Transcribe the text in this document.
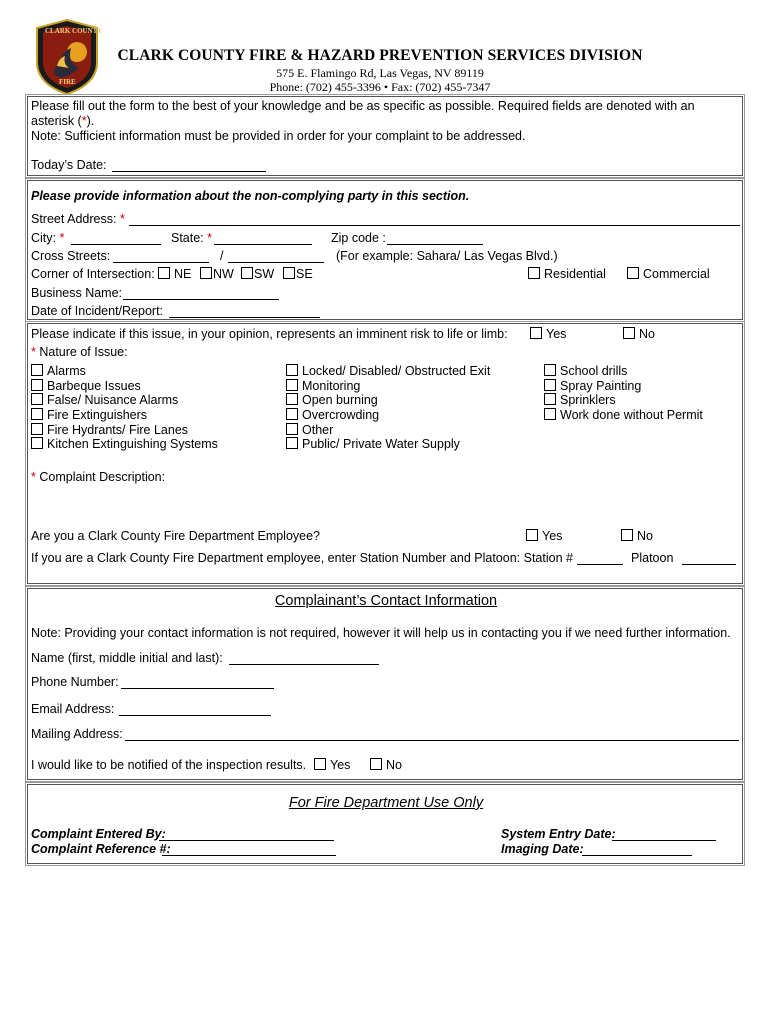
CLARK COUNTY
FIRE
CLARK COUNTY FIRE & HAZARD PREVENTION SERVICES DIVISION
575 E. Flamingo Rd, Las Vegas, NV 89119
Phone: (702) 455-3396 • Fax: (702) 455-7347
Please fill out the form to the best of your knowledge and be as specific as possible. Required fields are denoted with an
asterisk (*).
Note: Sufficient information must be provided in order for your complaint to be addressed.
Today’s Date:
Please provide information about the non-complying party in this section.
Street Address: *
City: *	State: *	Zip code :
Cross Streets:	/	(For example: Sahara/ Las Vegas Blvd.)
Corner of Intersection:	NE	NW	SW	SE	Residential	Commercial
Business Name:
Date of Incident/Report:
Please indicate if this issue, in your opinion, represents an imminent risk to life or limb:	Yes	No
* Nature of Issue:
Alarms
Barbeque Issues
False/ Nuisance Alarms
Fire Extinguishers
Fire Hydrants/ Fire Lanes
Kitchen Extinguishing Systems
Locked/ Disabled/ Obstructed Exit
Monitoring
Open burning
Overcrowding
Other
Public/ Private Water Supply
School drills
Spray Painting
Sprinklers
Work done without Permit
* Complaint Description:
Are you a Clark County Fire Department Employee?	Yes	No
If you are a Clark County Fire Department employee, enter Station Number and Platoon: Station #	Platoon
Complainant’s Contact Information
Note: Providing your contact information is not required, however it will help us in contacting you if we need further information.
Name (first, middle initial and last):
Phone Number:
Email Address:
Mailing Address:
I would like to be notified of the inspection results.	Yes	No
For Fire Department Use Only
Complaint Entered By:
Complaint Reference #:
System Entry Date:
Imaging Date:
